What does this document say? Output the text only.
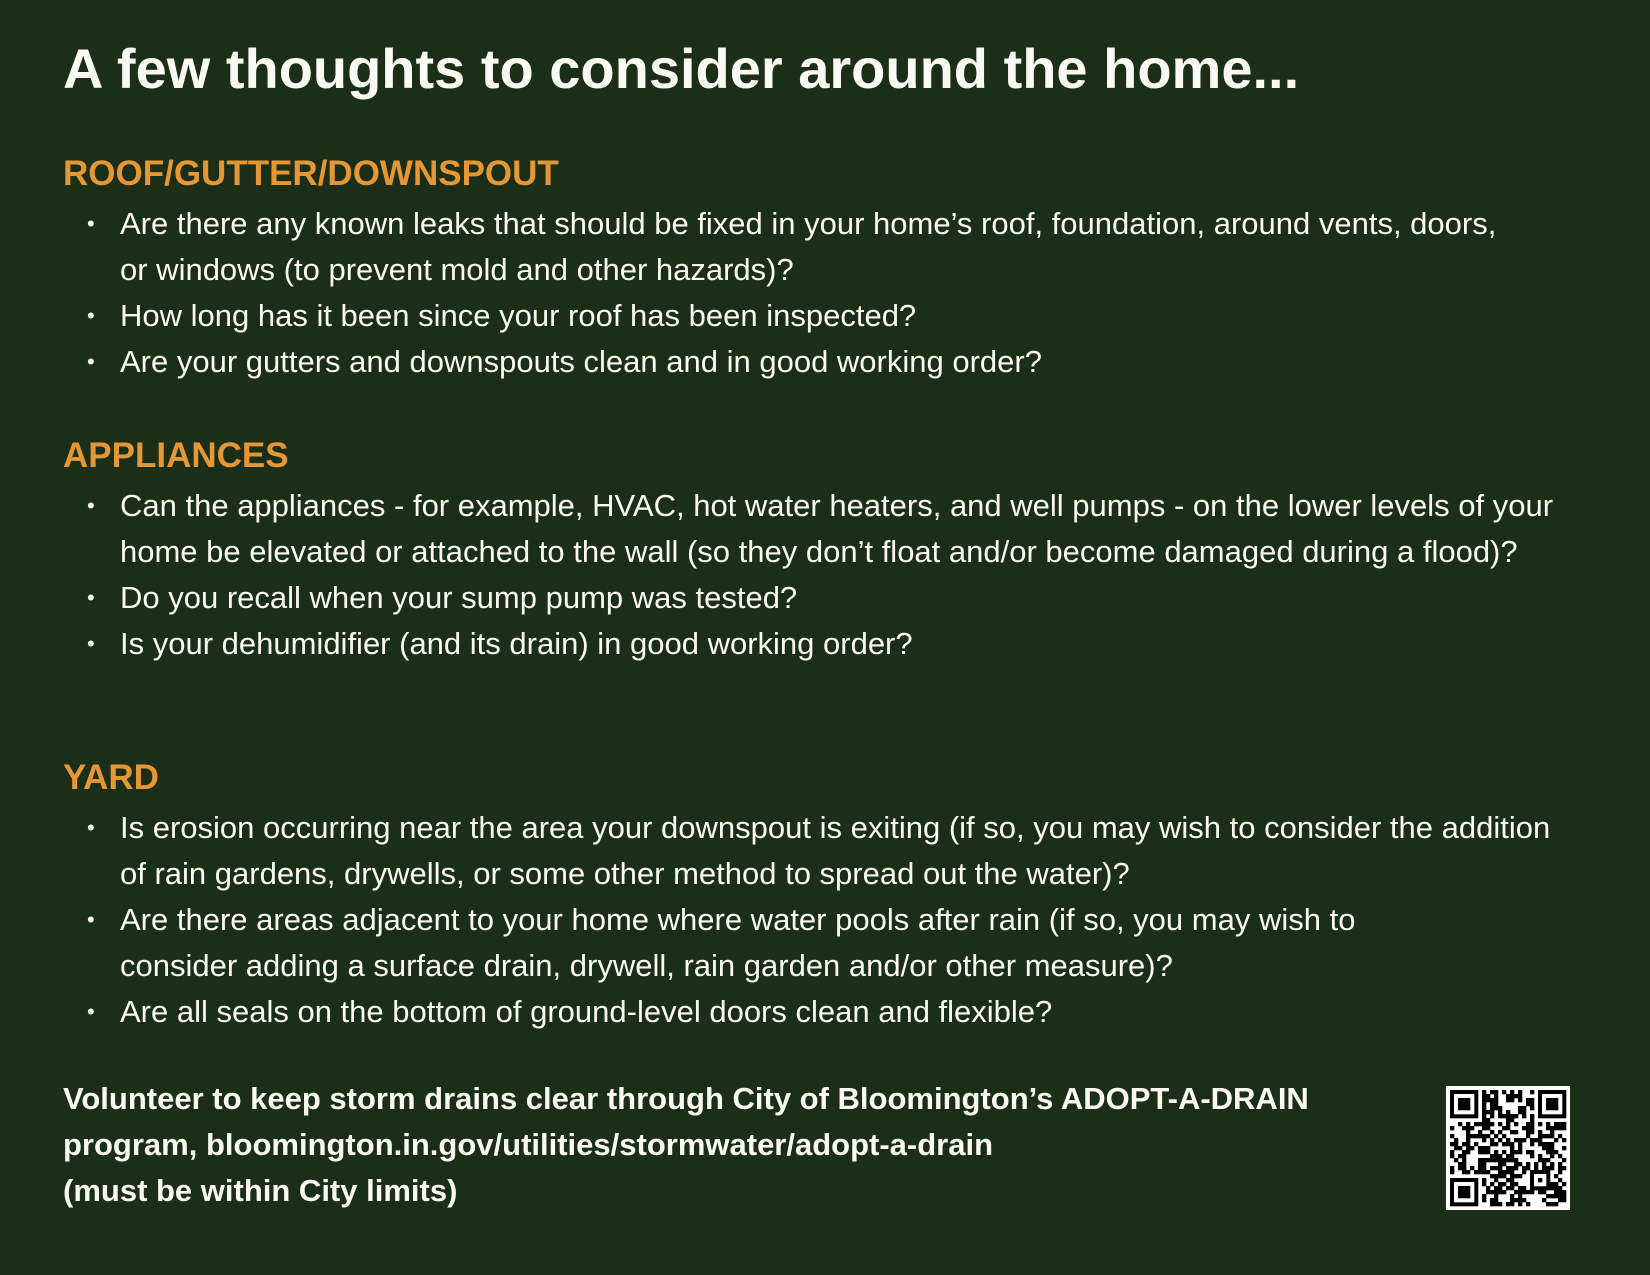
A few thoughts to consider around the home...
ROOF/GUTTER/DOWNSPOUT
• Are there any known leaks that should be fixed in your home’s roof, foundation, around vents, doors, or windows (to prevent mold and other hazards)?
• How long has it been since your roof has been inspected?
• Are your gutters and downspouts clean and in good working order?
APPLIANCES
• Can the appliances - for example, HVAC, hot water heaters, and well pumps - on the lower levels of your home be elevated or attached to the wall (so they don’t float and/or become damaged during a flood)?
• Do you recall when your sump pump was tested?
• Is your dehumidifier (and its drain) in good working order?
YARD
• Is erosion occurring near the area your downspout is exiting (if so, you may wish to consider the addition of rain gardens, drywells, or some other method to spread out the water)?
• Are there areas adjacent to your home where water pools after rain (if so, you may wish to consider adding a surface drain, drywell, rain garden and/or other measure)?
• Are all seals on the bottom of ground-level doors clean and flexible?
Volunteer to keep storm drains clear through City of Bloomington’s ADOPT-A-DRAIN
program, bloomington.in.gov/utilities/stormwater/adopt-a-drain
(must be within City limits)
